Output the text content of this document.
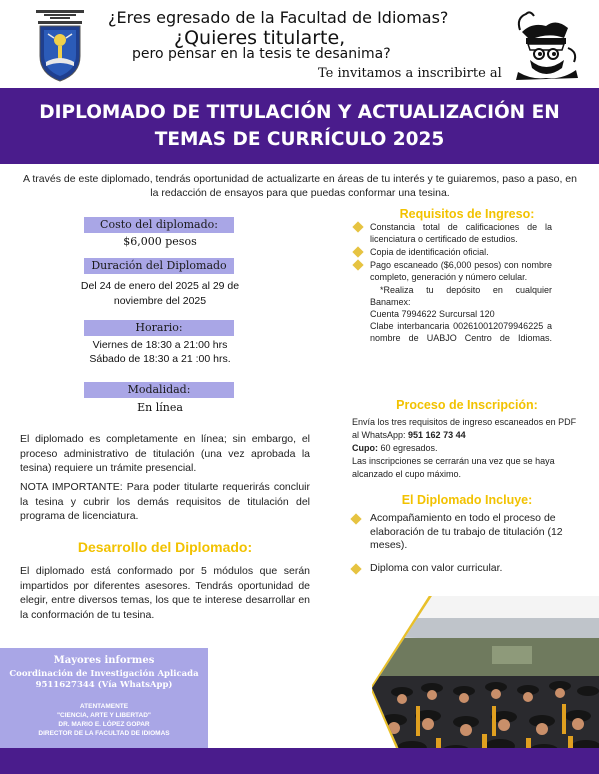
¿Eres egresado de la Facultad de Idiomas?
¿Quieres titularte,
pero pensar en la tesis te desanima?
Te invitamos a inscribirte al
DIPLOMADO DE TITULACIÓN Y ACTUALIZACIÓN EN
TEMAS DE CURRÍCULO 2025

A través de este diplomado, tendrás oportunidad de actualizarte en áreas de tu interés y te guiaremos, paso a paso, en la redacción de ensayos para que puedas conformar una tesina.

Costo del diplomado:
$6,000 pesos
Duración del Diplomado
Del 24 de enero del 2025 al 29 de
noviembre del 2025
Horario:
Viernes de 18:30 a 21:00 hrs
Sábado de 18:30 a 21 :00 hrs.
Modalidad:
En línea

El diplomado es completamente en línea; sin embargo, el proceso administrativo de titulación (una vez aprobada la tesina) requiere un trámite presencial.

NOTA IMPORTANTE: Para poder titularte requerirás concluir la tesina y cubrir los demás requisitos de titulación del programa de licenciatura.

Desarrollo del Diplomado:

El diplomado está conformado por 5 módulos que serán impartidos por diferentes asesores. Tendrás oportunidad de elegir, entre diversos temas, los que te interese desarrollar en la conformación de tu tesina.

Requisitos de Ingreso:
Constancia total de calificaciones de la licenciatura o certificado de estudios.
Copia de identificación oficial.
Pago escaneado ($6,000 pesos) con nombre completo, generación y número celular.
*Realiza tu depósito en cualquier Banamex:
Cuenta 7994622 Surcursal 120
Clabe interbancaria 002610012079946225 a nombre de UABJO Centro de Idiomas.
Proceso de Inscripción:
Envía los tres requisitos de ingreso escaneados en PDF al WhatsApp: 951 162 73 44
Cupo: 60 egresados.
Las inscripciones se cerrarán una vez que se haya alcanzado el cupo máximo.
El Diplomado Incluye:
Acompañamiento en todo el proceso de elaboración de tu trabajo de titulación (12 meses).
Diploma con valor curricular.
Mayores informes
Coordinación de Investigación Aplicada
9511627344 (Vía WhatsApp)
ATENTAMENTE
"CIENCIA, ARTE Y LIBERTAD"
DR. MARIO E. LÓPEZ GOPAR
DIRECTOR DE LA FACULTAD DE IDIOMAS
